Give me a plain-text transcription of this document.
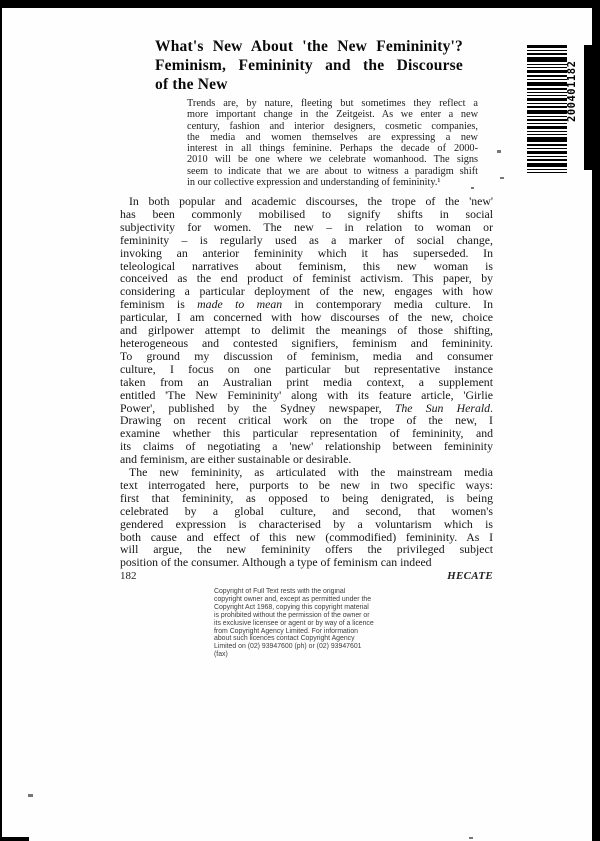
200401182
What's New About 'the New Femininity'?
Feminism, Femininity and the Discourse
of the New
Trends are, by nature, fleeting but sometimes they reflect a
more important change in the Zeitgeist. As we enter a new
century, fashion and interior designers, cosmetic companies,
the media and women themselves are expressing a new
interest in all things feminine. Perhaps the decade of 2000-
2010 will be one where we celebrate womanhood. The signs
seem to indicate that we are about to witness a paradigm shift
in our collective expression and understanding of femininity.¹
In both popular and academic discourses, the trope of the 'new'
has been commonly mobilised to signify shifts in social
subjectivity for women. The new – in relation to woman or
femininity – is regularly used as a marker of social change,
invoking an anterior femininity which it has superseded. In
teleological narratives about feminism, this new woman is
conceived as the end product of feminist activism. This paper, by
considering a particular deployment of the new, engages with how
feminism is made to mean in contemporary media culture. In
particular, I am concerned with how discourses of the new, choice
and girlpower attempt to delimit the meanings of those shifting,
heterogeneous and contested signifiers, feminism and femininity.
To ground my discussion of feminism, media and consumer
culture, I focus on one particular but representative instance
taken from an Australian print media context, a supplement
entitled 'The New Femininity' along with its feature article, 'Girlie
Power', published by the Sydney newspaper, The Sun Herald.
Drawing on recent critical work on the trope of the new, I
examine whether this particular representation of femininity, and
its claims of negotiating a 'new' relationship between femininity
and feminism, are either sustainable or desirable.
The new femininity, as articulated with the mainstream media
text interrogated here, purports to be new in two specific ways:
first that femininity, as opposed to being denigrated, is being
celebrated by a global culture, and second, that women's
gendered expression is characterised by a voluntarism which is
both cause and effect of this new (commodified) femininity. As I
will argue, the new femininity offers the privileged subject
position of the consumer. Although a type of feminism can indeed
182	HECATE
Copyright of Full Text rests with the original
copyright owner and, except as permitted under the
Copyright Act 1968, copying this copyright material
is prohibited without the permission of the owner or
its exclusive licensee or agent or by way of a licence
from Copyright Agency Limited. For information
about such licences contact Copyright Agency
Limited on (02) 93947600 (ph) or (02) 93947601
(fax)
